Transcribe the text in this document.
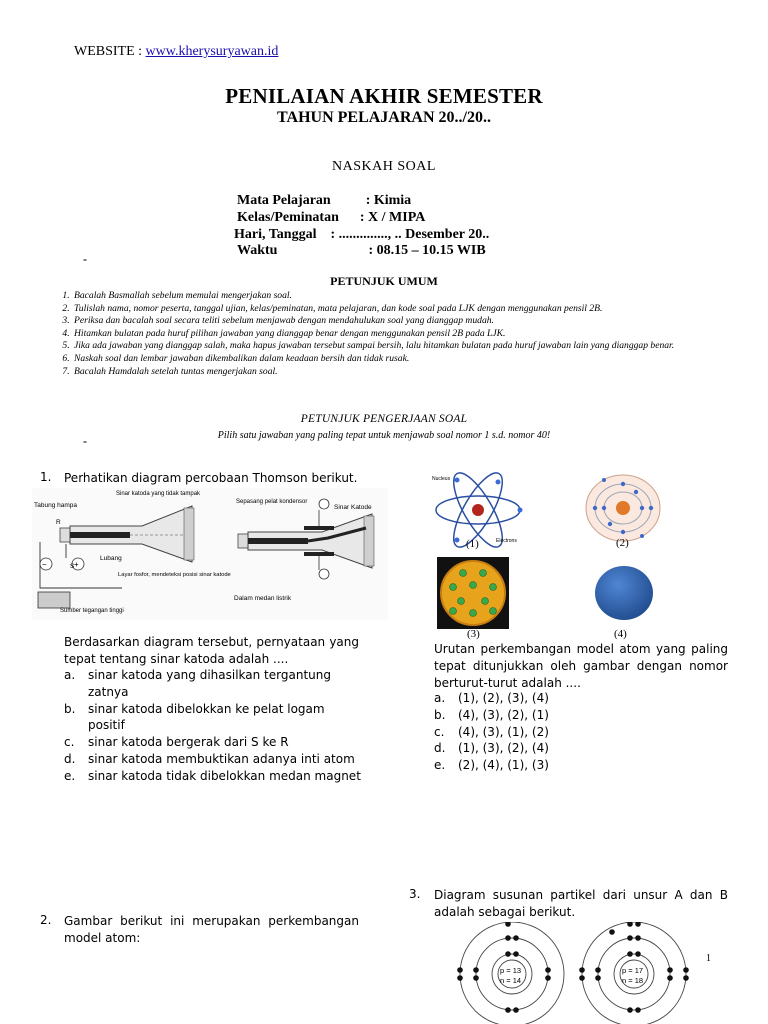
WEBSITE : www.kherysuryawan.id
PENILAIAN AKHIR SEMESTER
TAHUN PELAJARAN 20../20..
NASKAH SOAL
Mata Pelajaran          : Kimia
Kelas/Peminatan      : X / MIPA
Hari, Tanggal    : .............., .. Desember 20..
Waktu                          : 08.15 – 10.15 WIB
-
PETUNJUK UMUM
1. Bacalah Basmallah sebelum memulai mengerjakan soal.
2. Tulislah nama, nomor peserta, tanggal ujian, kelas/peminatan, mata pelajaran, dan kode soal pada LJK dengan menggunakan pensil 2B.
3. Periksa dan bacalah soal secara teliti sebelum menjawab dengan mendahulukan soal yang dianggap mudah.
4. Hitamkan bulatan pada huruf pilihan jawaban yang dianggap benar dengan menggunakan pensil 2B pada LJK.
5. Jika ada jawaban yang dianggap salah, maka hapus jawaban tersebut sampai bersih, lalu hitamkan bulatan pada huruf jawaban lain yang dianggap benar.
6. Naskah soal dan lembar jawaban dikembalikan dalam keadaan bersih dan tidak rusak.
7. Bacalah Hamdalah setelah tuntas mengerjakan soal.
PETUNJUK PENGERJAAN SOAL
Pilih satu jawaban yang paling tepat untuk menjawab soal nomor 1 s.d. nomor 40!
-
1. Perhatikan diagram percobaan Thomson berikut.
Tabung hampa
Sinar katoda yang tidak tampak
R
Lubang
S
−	+
Layar fosfor, mendeteksi posisi sinar katode
Sumber tegangan tinggi
Sepasang pelat kondensor
Sinar Katode
Dalam medan listrik
Berdasarkan diagram tersebut, pernyataan yang tepat tentang sinar katoda adalah ....
a.	sinar katoda yang dihasilkan tergantung zatnya
b.	sinar katoda dibelokkan ke pelat logam positif
c.	sinar katoda bergerak dari S ke R
d.	sinar katoda membuktikan adanya inti atom
e.	sinar katoda tidak dibelokkan medan magnet
2. Gambar berikut ini merupakan perkembangan model atom:
Nucleus
Electrons
(1)	(2)
(3)	(4)
Urutan perkembangan model atom yang paling tepat ditunjukkan oleh gambar dengan nomor berturut-turut adalah ....
a.	(1), (2), (3), (4)
b.	(4), (3), (2), (1)
c.	(4), (3), (1), (2)
d.	(1), (3), (2), (4)
e.	(2), (4), (1), (3)
3. Diagram susunan partikel dari unsur A dan B adalah sebagai berikut.
p = 13
n = 14
p = 17
n = 18
1
